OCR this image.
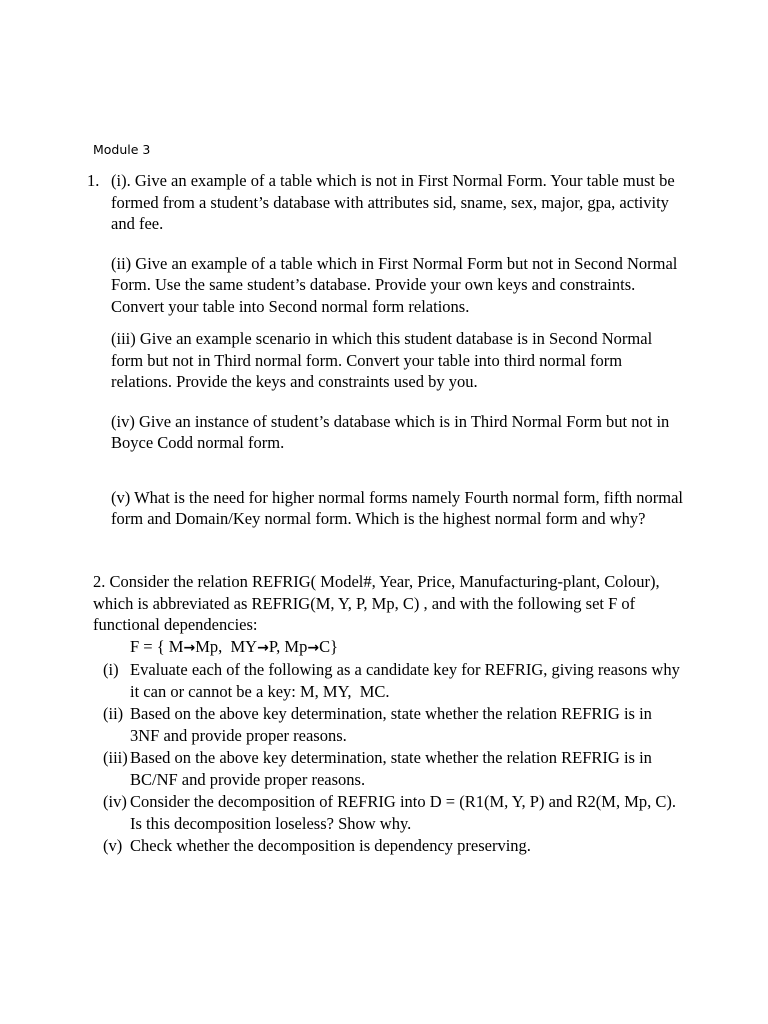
Module 3
1. (i). Give an example of a table which is not in First Normal Form. Your table must be formed from a student’s database with attributes sid, sname, sex, major, gpa, activity and fee.

(ii) Give an example of a table which in First Normal Form but not in Second Normal Form. Use the same student’s database. Provide your own keys and constraints.   Convert your table into Second normal form relations.

(iii) Give an example scenario in which this student database is in Second Normal form but not in Third normal form. Convert your table into third normal form relations. Provide the keys and constraints used by you.

(iv) Give an instance of student’s database which is in Third Normal Form but not in Boyce Codd normal form.

(v) What is the need for higher normal forms namely Fourth normal form, fifth normal form and Domain/Key normal form. Which is the highest normal form and why?

2. Consider the relation REFRIG( Model#, Year, Price, Manufacturing-plant, Colour), which is abbreviated as REFRIG(M, Y, P, Mp, C) , and with the following set F of functional dependencies:

F = { M→Mp,  MY→P, Mp→C}

(i) Evaluate each of the following as a candidate key for REFRIG, giving reasons why it can or cannot be a key: M, MY,  MC.

(ii) Based on the above key determination, state whether the relation REFRIG is in 3NF and provide proper reasons.

(iii) Based on the above key determination, state whether the relation REFRIG is in BC/NF and provide proper reasons.

(iv) Consider the decomposition of REFRIG into D = (R1(M, Y, P) and R2(M, Mp, C). Is this decomposition loseless? Show why.

(v) Check whether the decomposition is dependency preserving.
